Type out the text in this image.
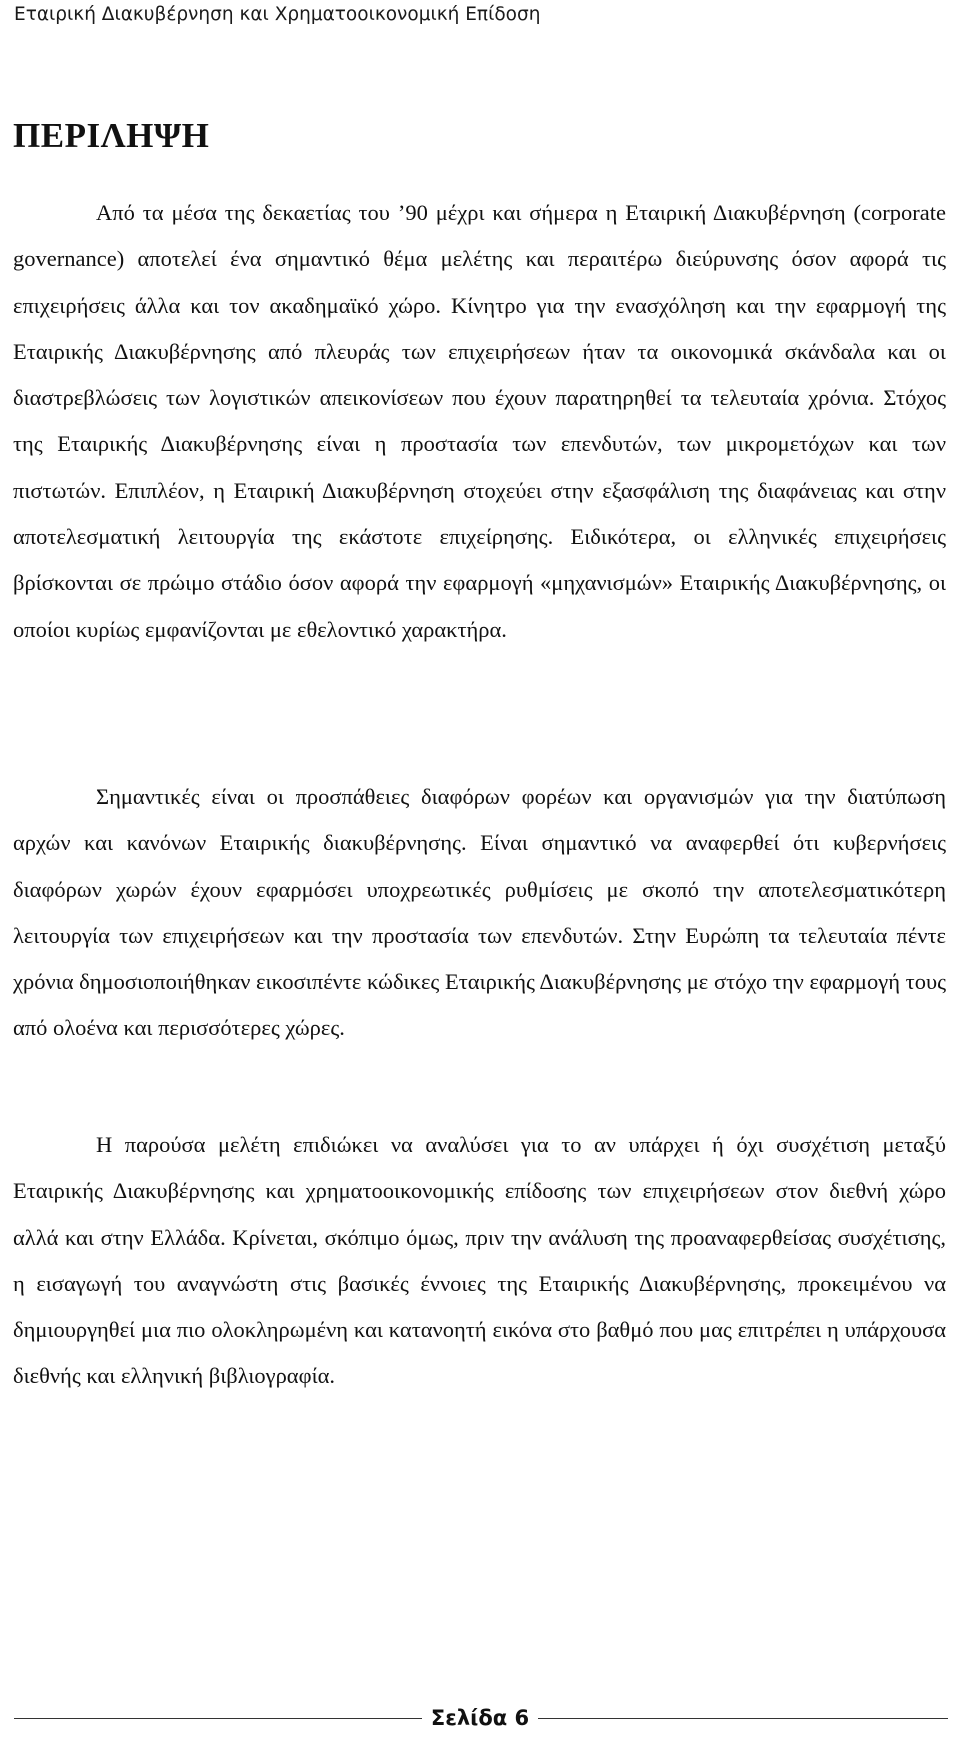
Εταιρική Διακυβέρνηση και Χρηματοοικονομική Επίδοση
ΠΕΡΙΛΗΨΗ

Από τα μέσα της δεκαετίας του ’90 μέχρι και σήμερα η Εταιρική Διακυβέρνηση (corporate governance) αποτελεί ένα σημαντικό θέμα μελέτης και περαιτέρω διεύρυνσης όσον αφορά τις επιχειρήσεις άλλα και τον ακαδημαϊκό χώρο. Κίνητρο για την ενασχόληση και την εφαρμογή της Εταιρικής Διακυβέρνησης από πλευράς των επιχειρήσεων ήταν τα οικονομικά σκάνδαλα και οι διαστρεβλώσεις των λογιστικών απεικονίσεων που έχουν παρατηρηθεί τα τελευταία χρόνια. Στόχος της Εταιρικής Διακυβέρνησης είναι η προστασία των επενδυτών, των μικρομετόχων και των πιστωτών. Επιπλέον, η Εταιρική Διακυβέρνηση στοχεύει στην εξασφάλιση της διαφάνειας και στην αποτελεσματική λειτουργία της εκάστοτε επιχείρησης. Ειδικότερα, οι ελληνικές επιχειρήσεις βρίσκονται σε πρώιμο στάδιο όσον αφορά την εφαρμογή «μηχανισμών» Εταιρικής Διακυβέρνησης, οι οποίοι κυρίως εμφανίζονται με εθελοντικό χαρακτήρα.

Σημαντικές είναι οι προσπάθειες διαφόρων φορέων και οργανισμών για την διατύπωση αρχών και κανόνων Εταιρικής διακυβέρνησης. Είναι σημαντικό να αναφερθεί ότι κυβερνήσεις διαφόρων χωρών έχουν εφαρμόσει υποχρεωτικές ρυθμίσεις με σκοπό την αποτελεσματικότερη λειτουργία των επιχειρήσεων και την προστασία των επενδυτών. Στην Ευρώπη τα τελευταία πέντε χρόνια δημοσιοποιήθηκαν εικοσιπέντε κώδικες Εταιρικής Διακυβέρνησης με στόχο την εφαρμογή τους από ολοένα και περισσότερες χώρες.

Η παρούσα μελέτη επιδιώκει να αναλύσει για το αν υπάρχει ή όχι συσχέτιση μεταξύ Εταιρικής Διακυβέρνησης και χρηματοοικονομικής επίδοσης των επιχειρήσεων στον διεθνή χώρο αλλά και στην Ελλάδα. Κρίνεται, σκόπιμο όμως, πριν την ανάλυση της προαναφερθείσας συσχέτισης, η εισαγωγή του αναγνώστη στις βασικές έννοιες της Εταιρικής Διακυβέρνησης, προκειμένου να δημιουργηθεί μια πιο ολοκληρωμένη και κατανοητή εικόνα στο βαθμό που μας επιτρέπει η υπάρχουσα διεθνής και ελληνική βιβλιογραφία.

Σελίδα 6
